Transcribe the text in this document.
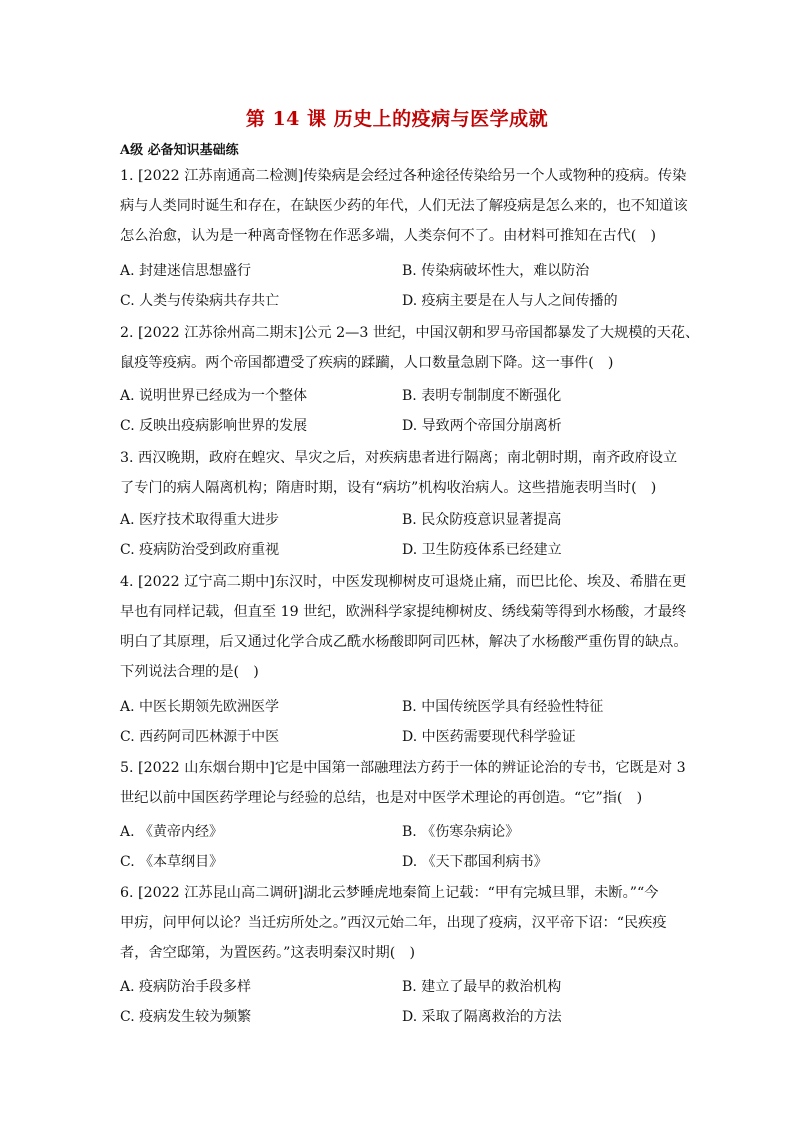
第 14 课 历史上的疫病与医学成就
A级 必备知识基础练
1. [2022 江苏南通高二检测]传染病是会经过各种途径传染给另一个人或物种的疫病。传染
病与人类同时诞生和存在，在缺医少药的年代，人们无法了解疫病是怎么来的，也不知道该
怎么治愈，认为是一种离奇怪物在作恶多端，人类奈何不了。由材料可推知在古代(　)
A. 封建迷信思想盛行	B. 传染病破坏性大，难以防治
C. 人类与传染病共存共亡	D. 疫病主要是在人与人之间传播的
2. [2022 江苏徐州高二期末]公元 2—3 世纪，中国汉朝和罗马帝国都暴发了大规模的天花、
鼠疫等疫病。两个帝国都遭受了疾病的蹂躏，人口数量急剧下降。这一事件(　)
A. 说明世界已经成为一个整体	B. 表明专制制度不断强化
C. 反映出疫病影响世界的发展	D. 导致两个帝国分崩离析
3. 西汉晚期，政府在蝗灾、旱灾之后，对疾病患者进行隔离；南北朝时期，南齐政府设立
了专门的病人隔离机构；隋唐时期，设有“病坊”机构收治病人。这些措施表明当时(　)
A. 医疗技术取得重大进步	B. 民众防疫意识显著提高
C. 疫病防治受到政府重视	D. 卫生防疫体系已经建立
4. [2022 辽宁高二期中]东汉时，中医发现柳树皮可退烧止痛，而巴比伦、埃及、希腊在更
早也有同样记载，但直至 19 世纪，欧洲科学家提纯柳树皮、绣线菊等得到水杨酸，才最终
明白了其原理，后又通过化学合成乙酰水杨酸即阿司匹林，解决了水杨酸严重伤胃的缺点。
下列说法合理的是(　)
A. 中医长期领先欧洲医学	B. 中国传统医学具有经验性特征
C. 西药阿司匹林源于中医	D. 中医药需要现代科学验证
5. [2022 山东烟台期中]它是中国第一部融理法方药于一体的辨证论治的专书，它既是对 3
世纪以前中国医药学理论与经验的总结，也是对中医学术理论的再创造。“它”指(　)
A. 《黄帝内经》	B. 《伤寒杂病论》
C. 《本草纲目》	D. 《天下郡国利病书》
6. [2022 江苏昆山高二调研]湖北云梦睡虎地秦简上记载：“甲有完城旦罪，未断。”“今
甲疠，问甲何以论？当迁疠所处之。”西汉元始二年，出现了疫病，汉平帝下诏：“民疾疫
者，舍空邸第，为置医药。”这表明秦汉时期(　)
A. 疫病防治手段多样	B. 建立了最早的救治机构
C. 疫病发生较为频繁	D. 采取了隔离救治的方法
